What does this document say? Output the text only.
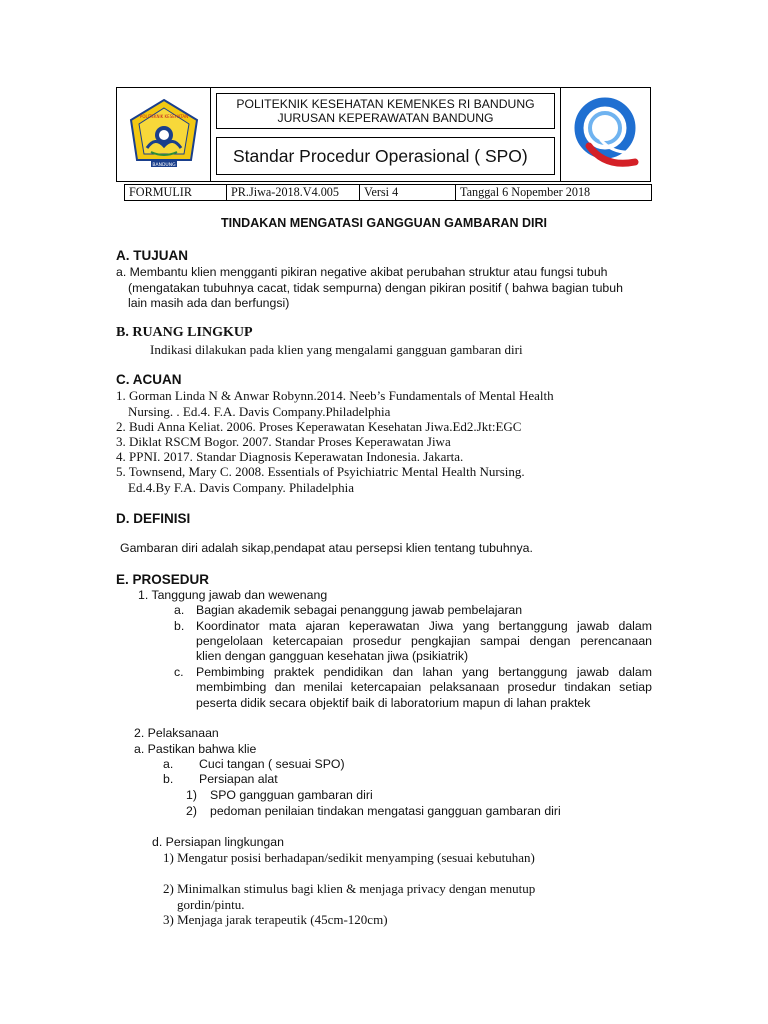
POLITEKNIK KESEHATAN
BANDUNG
POLITEKNIK KESEHATAN KEMENKES RI BANDUNG
JURUSAN KEPERAWATAN BANDUNG
Standar Procedur Operasional ( SPO)
FORMULIR	PR.Jiwa-2018.V4.005	Versi 4	Tanggal 6 Nopember 2018
TINDAKAN MENGATASI GANGGUAN GAMBARAN DIRI
A. TUJUAN
a. Membantu klien mengganti pikiran negative akibat perubahan struktur atau fungsi tubuh
(mengatakan tubuhnya cacat, tidak sempurna) dengan pikiran positif ( bahwa bagian tubuh
lain masih ada dan berfungsi)
B. RUANG LINGKUP
Indikasi dilakukan pada klien yang mengalami gangguan gambaran diri
C. ACUAN
1. Gorman Linda N & Anwar Robynn.2014. Neeb’s Fundamentals of Mental Health
Nursing. . Ed.4. F.A. Davis Company.Philadelphia
2. Budi Anna Keliat. 2006. Proses Keperawatan Kesehatan Jiwa.Ed2.Jkt:EGC
3. Diklat RSCM Bogor. 2007. Standar Proses Keperawatan Jiwa
4. PPNI. 2017. Standar Diagnosis Keperawatan Indonesia. Jakarta.
5. Townsend, Mary C. 2008. Essentials of Psyichiatric Mental Health Nursing.
Ed.4.By F.A. Davis Company. Philadelphia
D. DEFINISI
Gambaran diri adalah sikap,pendapat atau persepsi klien tentang tubuhnya.
E. PROSEDUR
1. Tanggung jawab dan wewenang
a. Bagian akademik sebagai penanggung jawab pembelajaran
b. Koordinator mata ajaran keperawatan Jiwa yang bertanggung jawab dalam
pengelolaan ketercapaian prosedur pengkajian sampai dengan perencanaan
klien dengan gangguan kesehatan jiwa (psikiatrik)
c. Pembimbing praktek pendidikan dan lahan yang bertanggung jawab dalam
membimbing dan menilai ketercapaian pelaksanaan prosedur tindakan setiap
peserta didik secara objektif baik di laboratorium mapun di lahan praktek
2. Pelaksanaan
a. Pastikan bahwa klie
a. Cuci tangan ( sesuai SPO)
b. Persiapan alat
1) SPO gangguan gambaran diri
2) pedoman penilaian tindakan mengatasi gangguan gambaran diri
d. Persiapan lingkungan
1) Mengatur posisi berhadapan/sedikit menyamping (sesuai kebutuhan)
2) Minimalkan stimulus bagi klien & menjaga privacy dengan menutup
gordin/pintu.
3) Menjaga jarak terapeutik (45cm-120cm)
